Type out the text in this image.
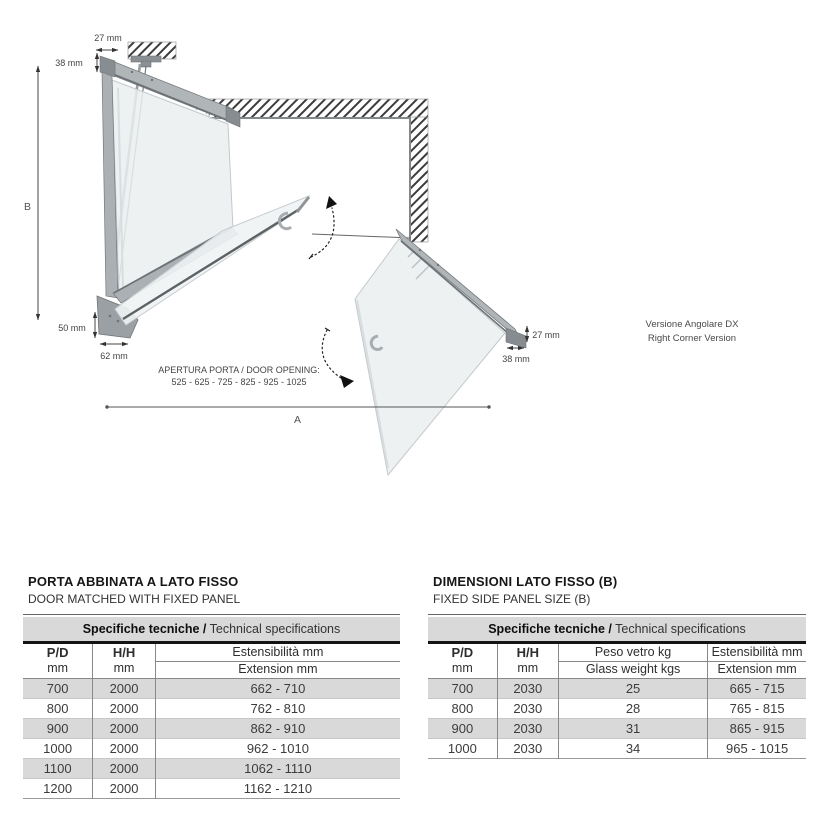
B
27 mm
38 mm
50 mm
62 mm
27 mm
38 mm
A
APERTURA PORTA / DOOR OPENING:
525 - 625 - 725 - 825 - 925 - 1025
Versione Angolare DX
Right Corner Version
PORTA ABBINATA A LATO FISSO
DOOR MATCHED WITH FIXED PANEL
Specifiche tecniche / Technical specifications		

P/D
mm

H/H
mm

Estensibilità mm
Extension mm

700	2000	662 - 710
800	2000	762 - 810
900	2000	862 - 910
1000	2000	962 - 1010
1100	2000	1062 - 1110
1200	2000	1162 - 1210
DIMENSIONI LATO FISSO (B)
FIXED SIDE PANEL SIZE (B)
Specifiche tecniche / Technical specifications			

P/D
mm

H/H
mm

Peso vetro kg
Glass weight kgs

Estensibilità mm
Extension mm

700	2030	25	665 - 715
800	2030	28	765 - 815
900	2030	31	865 - 915
1000	2030	34	965 - 1015
